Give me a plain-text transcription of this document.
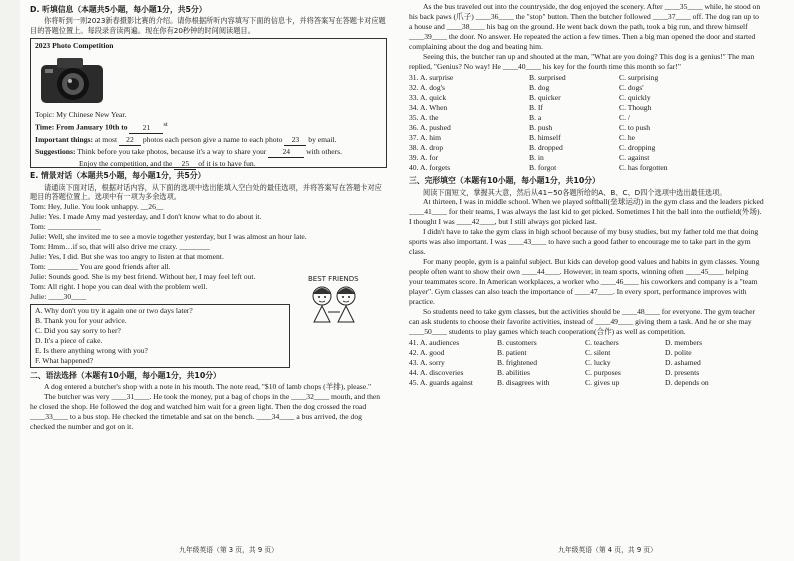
D. 听填信息（本题共5小题，每小题1分，共5分）

你将听到一则2023新春摄影比赛的介绍。请你根据所听内容填写下面的信息卡，并将答案写在答题卡对应题目的答题位置上。每段录音读两遍。现在你有20秒钟的时间阅读题目。

2023 Photo Competition
Topic: My Chinese New Year.
Time: From January 10th to 21 $^{st}$
Important things: at most 22 photos each person give a name to each photo 23 by email.
Suggestions: Think before you take photos, because it's a way to share your 24 with others.
Enjoy the competition, and the 25 of it is to have fun.
E. 情景对话（本题共5小题，每小题1分，共5分）

请通读下面对话，根据对话内容，从下面的选项中选出能填入空白处的最佳选项，并将答案写在答题卡对应题目的答题位置上。选项中有一项为多余选项。

Tom: Hey, Julie. You look unhappy. __26__

Julie: Yes. I made Amy mad yesterday, and I don't know what to do about it.

Tom: ______________

Julie: Well, she invited me to see a movie together yesterday, but I was almost an hour late.

Tom: Hmm…if so, that will also drive me crazy. ________

Julie: Yes, I did. But she was too angry to listen at that moment.

Tom: ________ You are good friends after all.

Julie: Sounds good. She is my best friend. Without her, I may feel left out.

Tom: All right. I hope you can deal with the problem well.

Julie: ____30____

BEST FRIENDS
A. Why don't you try it again one or two days later?
B. Thank you for your advice.
C. Did you say sorry to her?
D. It's a piece of cake.
E. Is there anything wrong with you?
F. What happened?
二、语法选择（本题有10小题，每小题1分，共10分）

A dog entered a butcher's shop with a note in his mouth. The note read, "$10 of lamb chops (羊排), please."

The butcher was very ____31____. He took the money, put a bag of chops in the ____32____ mouth, and then he closed the shop. He followed the dog and watched him wait for a green light. Then the dog crossed the road ____33____ to a bus stop. He checked the timetable and sat on the bench. ____34____ a bus arrived, the dog checked the number and got on it.

九年级英语（第 3 页，共 9 页）

As the bus traveled out into the countryside, the dog enjoyed the scenery. After ____35____ while, he stood on his back paws (爪子) ____36____ the "stop" button. Then the butcher followed ____37____ off. The dog ran up to a house and ____38____ his bag on the ground. He went back down the path, took a big run, and threw himself ____39____ the door. No answer. He repeated the action a few times. Then a big man opened the door and started complaining about the dog and beating him.

Seeing this, the butcher ran up and shouted at the man, "What are you doing? This dog is a genius!" The man replied, "Genius? No way! He ____40____ his key for the fourth time this month so far!"

31. A. surprise	B. surprised	C. surprising
32. A. dog's	B. dog	C. dogs'
33. A. quick	B. quicker	C. quickly
34. A. When	B. If	C. Though
35. A. the	B. a	C. /
36. A. pushed	B. push	C. to push
37. A. him	B. himself	C. he
38. A. drop	B. dropped	C. dropping
39. A. for	B. in	C. against
40. A. forgets	B. forgot	C. has forgotten
三、完形填空（本题有10小题，每小题1分，共10分）

阅读下面短文，掌握其大意，然后从41~50各题所给的A、B、C、D四个选项中选出最佳选项。

At thirteen, I was in middle school. When we played softball(垒球运动) in the gym class and the leaders picked ____41____ for their teams, I was always the last kid to get picked. Sometimes I hit the ball into the outfield(外场). I thought I was ____42____, but I still always got picked last.

I didn't have to take the gym class in high school because of my busy studies, but my father told me that doing sports was also important. I was ____43____ to have such a good father to encourage me to take part in the gym class.

For many people, gym is a painful subject. But kids can develop good values and habits in gym classes. Young people often want to show their own ____44____. However, in team sports, winning often ____45____ helping your teammates score. In American workplaces, a worker who ____46____ his coworkers and company is a "team player". Gym classes can also teach the importance of ____47____. In every sport, performance improves with practice.

So students need to take gym classes, but the activities should be ____48____ for everyone. The gym teacher can ask students to choose their favorite activities, instead of ____49____ giving them a task. And he or she may ____50____ students to play games which teach cooperation(合作) as well as competition.

41. A. audiences	B. customers	C. teachers	D. members
42. A. good	B. patient	C. silent	D. polite
43. A. sorry	B. frightened	C. lucky	D. ashamed
44. A. discoveries	B. abilities	C. purposes	D. presents
45. A. guards against	B. disagrees with	C. gives up	D. depends on
九年级英语（第 4 页，共 9 页）
